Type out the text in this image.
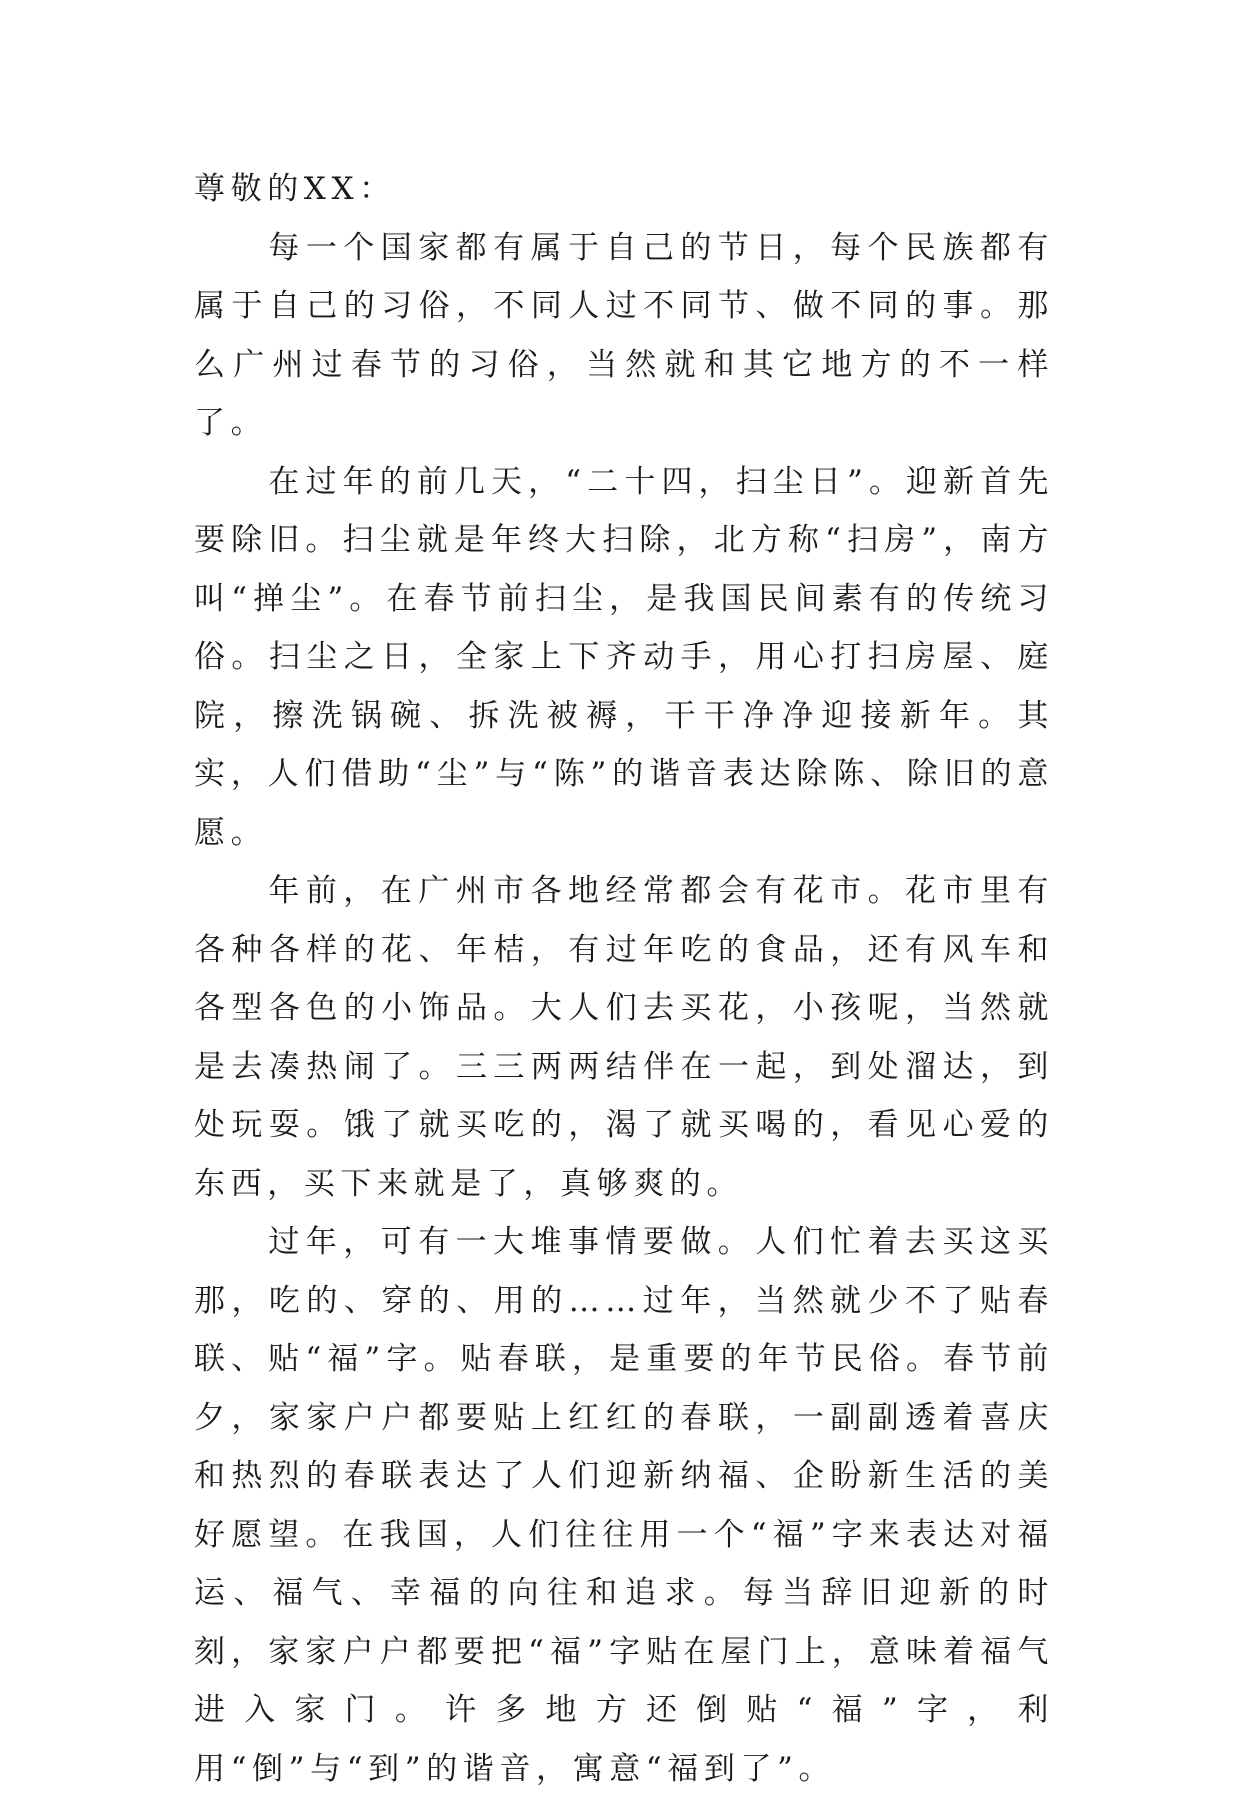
尊敬的XX：

每一个国家都有属于自己的节日，每个民族都有属于自己的习俗，不同人过不同节、做不同的事。那么广州过春节的习俗，当然就和其它地方的不一样了。

在过年的前几天，“二十四，扫尘日”。迎新首先要除旧。扫尘就是年终大扫除，北方称“扫房”，南方叫“掸尘”。在春节前扫尘，是我国民间素有的传统习俗。扫尘之日，全家上下齐动手，用心打扫房屋、庭院，擦洗锅碗、拆洗被褥，干干净净迎接新年。其实，人们借助“尘”与“陈”的谐音表达除陈、除旧的意愿。

年前，在广州市各地经常都会有花市。花市里有各种各样的花、年桔，有过年吃的食品，还有风车和各型各色的小饰品。大人们去买花，小孩呢，当然就是去凑热闹了。三三两两结伴在一起，到处溜达，到处玩耍。饿了就买吃的，渴了就买喝的，看见心爱的东西，买下来就是了，真够爽的。

过年，可有一大堆事情要做。人们忙着去买这买那，吃的、穿的、用的……过年，当然就少不了贴春联、贴“福”字。贴春联，是重要的年节民俗。春节前夕，家家户户都要贴上红红的春联，一副副透着喜庆和热烈的春联表达了人们迎新纳福、企盼新生活的美好愿望。在我国，人们往往用一个“福”字来表达对福运、福气、幸福的向往和追求。每当辞旧迎新的时刻，家家户户都要把“福”字贴在屋门上，意味着福气进入家门。许多地方还倒贴“福”字，利用“倒”与“到”的谐音，寓意“福到了”。
